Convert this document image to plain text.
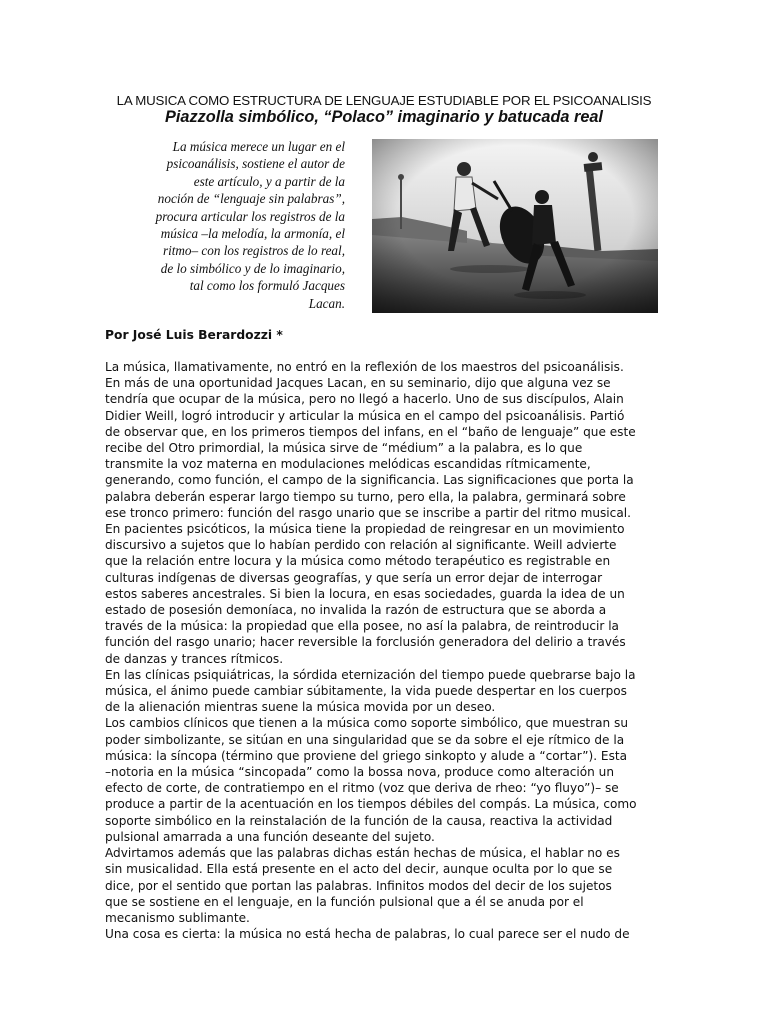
LA MUSICA COMO ESTRUCTURA DE LENGUAJE ESTUDIABLE POR EL PSICOANALISIS
Piazzolla simbólico, “Polaco” imaginario y batucada real
La música merece un lugar en el
psicoanálisis, sostiene el autor de
este artículo, y a partir de la
noción de “lenguaje sin palabras”,
procura articular los registros de la
música –la melodía, la armonía, el
ritmo– con los registros de lo real,
de lo simbólico y de lo imaginario,
tal como los formuló Jacques
Lacan.
Por José Luis Berardozzi *
La música, llamativamente, no entró en la reflexión de los maestros del psicoanálisis.
En más de una oportunidad Jacques Lacan, en su seminario, dijo que alguna vez se
tendría que ocupar de la música, pero no llegó a hacerlo. Uno de sus discípulos, Alain
Didier Weill, logró introducir y articular la música en el campo del psicoanálisis. Partió
de observar que, en los primeros tiempos del infans, en el “baño de lenguaje” que este
recibe del Otro primordial, la música sirve de “médium” a la palabra, es lo que
transmite la voz materna en modulaciones melódicas escandidas rítmicamente,
generando, como función, el campo de la significancia. Las significaciones que porta la
palabra deberán esperar largo tiempo su turno, pero ella, la palabra, germinará sobre
ese tronco primero: función del rasgo unario que se inscribe a partir del ritmo musical.
En pacientes psicóticos, la música tiene la propiedad de reingresar en un movimiento
discursivo a sujetos que lo habían perdido con relación al significante. Weill advierte
que la relación entre locura y la música como método terapéutico es registrable en
culturas indígenas de diversas geografías, y que sería un error dejar de interrogar
estos saberes ancestrales. Si bien la locura, en esas sociedades, guarda la idea de un
estado de posesión demoníaca, no invalida la razón de estructura que se aborda a
través de la música: la propiedad que ella posee, no así la palabra, de reintroducir la
función del rasgo unario; hacer reversible la forclusión generadora del delirio a través
de danzas y trances rítmicos.
En las clínicas psiquiátricas, la sórdida eternización del tiempo puede quebrarse bajo la
música, el ánimo puede cambiar súbitamente, la vida puede despertar en los cuerpos
de la alienación mientras suene la música movida por un deseo.
Los cambios clínicos que tienen a la música como soporte simbólico, que muestran su
poder simbolizante, se sitúan en una singularidad que se da sobre el eje rítmico de la
música: la síncopa (término que proviene del griego sinkopto y alude a “cortar”). Esta
–notoria en la música “sincopada” como la bossa nova, produce como alteración un
efecto de corte, de contratiempo en el ritmo (voz que deriva de rheo: “yo fluyo”)– se
produce a partir de la acentuación en los tiempos débiles del compás. La música, como
soporte simbólico en la reinstalación de la función de la causa, reactiva la actividad
pulsional amarrada a una función deseante del sujeto.
Advirtamos además que las palabras dichas están hechas de música, el hablar no es
sin musicalidad. Ella está presente en el acto del decir, aunque oculta por lo que se
dice, por el sentido que portan las palabras. Infinitos modos del decir de los sujetos
que se sostiene en el lenguaje, en la función pulsional que a él se anuda por el
mecanismo sublimante.
Una cosa es cierta: la música no está hecha de palabras, lo cual parece ser el nudo de
